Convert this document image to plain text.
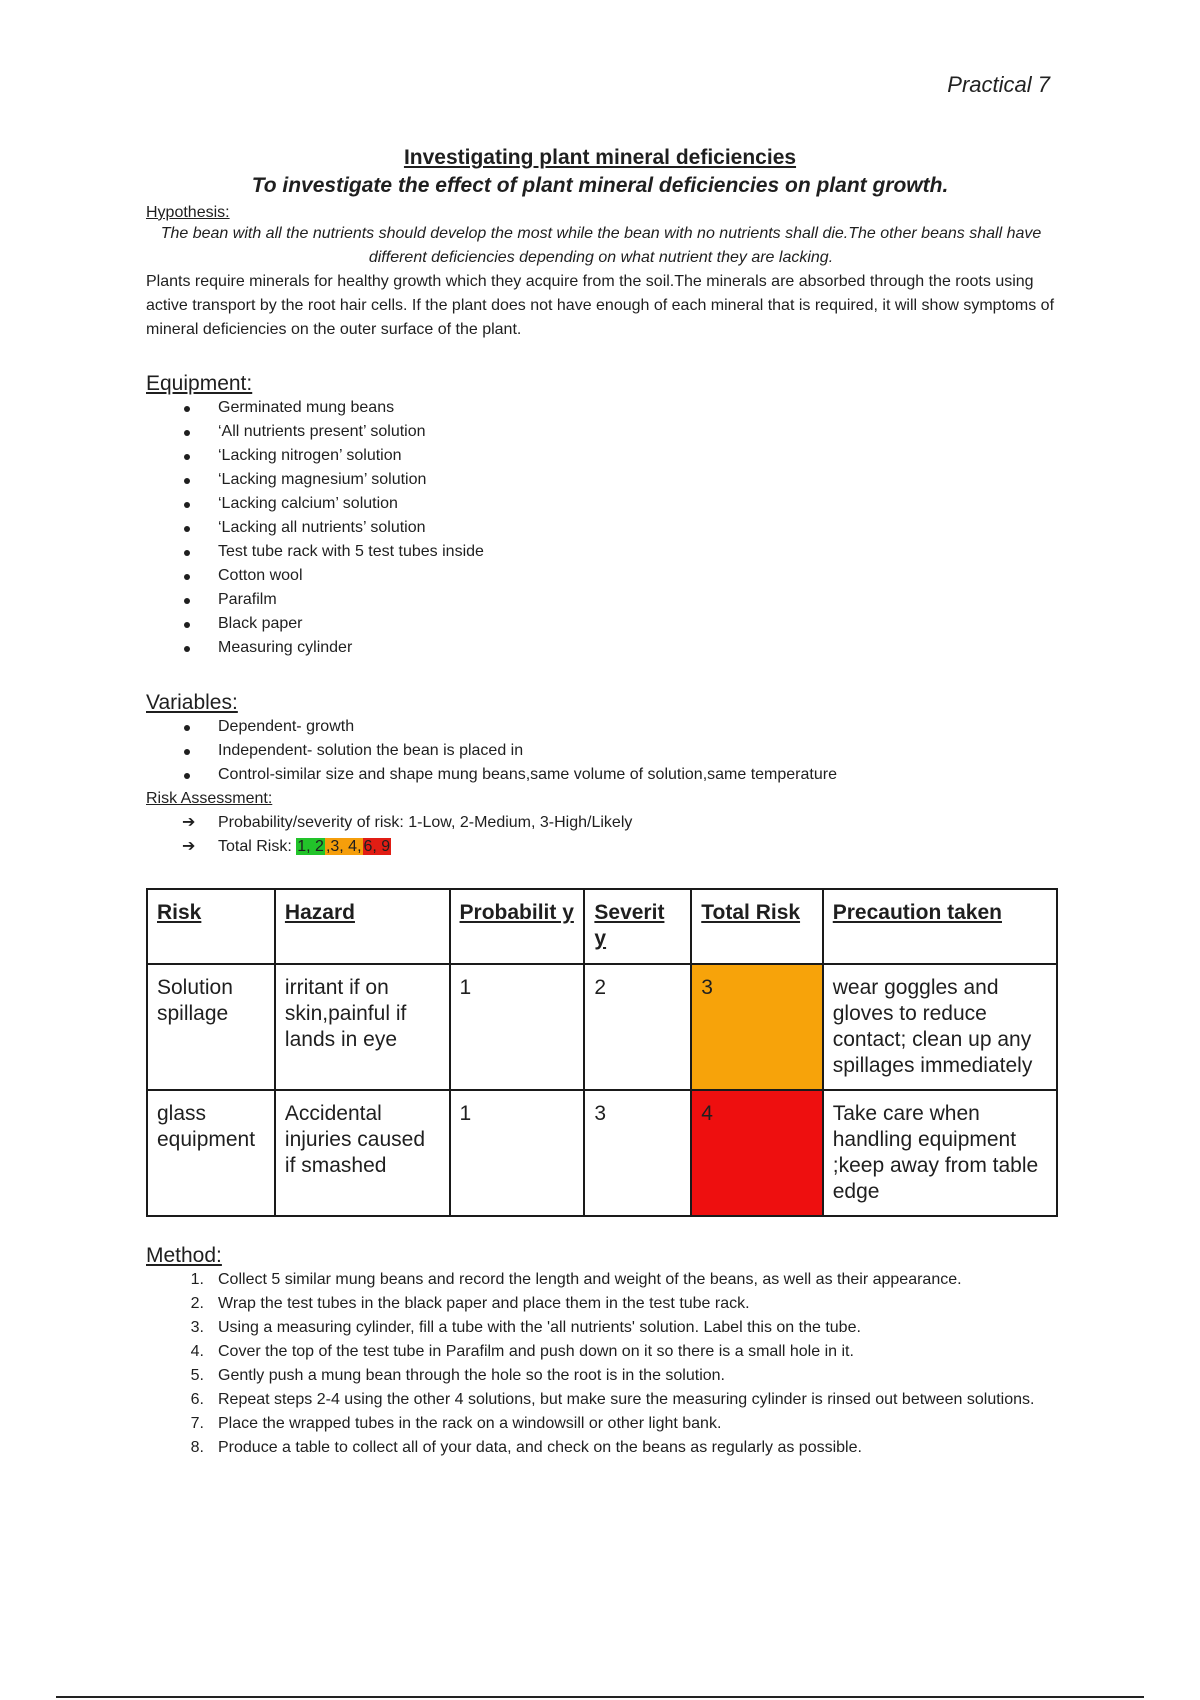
Practical 7
Investigating plant mineral deficiencies
To investigate the effect of plant mineral deficiencies on plant growth.
Hypothesis:
The bean with all the nutrients should develop the most while the bean with no nutrients shall die.The other beans shall have different deficiencies depending on what nutrient they are lacking.
Plants require minerals for healthy growth which they acquire from the soil.The minerals are absorbed through the roots using active transport by the root hair cells. If the plant does not have enough of each mineral that is required, it will show symptoms of mineral deficiencies on the outer surface of the plant.
Equipment:
Germinated mung beans
‘All nutrients present’ solution
‘Lacking nitrogen’ solution
‘Lacking magnesium’ solution
‘Lacking calcium’ solution
‘Lacking all nutrients’ solution
Test tube rack with 5 test tubes inside
Cotton wool
Parafilm
Black paper
Measuring cylinder
Variables:
Dependent- growth
Independent- solution the bean is placed in
Control-similar size and shape mung beans,same volume of solution,same temperature
Risk Assessment:
➔ Probability/severity of risk: 1-Low, 2-Medium, 3-High/Likely
➔ Total Risk: 1, 2 ,3, 4, 6, 9
Risk	Hazard	Probabilit y	Severit y	Total Risk	Precaution taken
Solution spillage	irritant if on skin,painful if lands in eye	1	2	3	wear goggles and gloves to reduce contact; clean up any spillages immediately
glass equipment	Accidental injuries caused if smashed	1	3	4	Take care when handling equipment ;keep away from table edge
Method:
1. Collect 5 similar mung beans and record the length and weight of the beans, as well as their appearance.
2. Wrap the test tubes in the black paper and place them in the test tube rack.
3. Using a measuring cylinder, fill a tube with the 'all nutrients' solution. Label this on the tube.
4. Cover the top of the test tube in Parafilm and push down on it so there is a small hole in it.
5. Gently push a mung bean through the hole so the root is in the solution.
6. Repeat steps 2-4 using the other 4 solutions, but make sure the measuring cylinder is rinsed out between solutions.
7. Place the wrapped tubes in the rack on a windowsill or other light bank.
8. Produce a table to collect all of your data, and check on the beans as regularly as possible.
